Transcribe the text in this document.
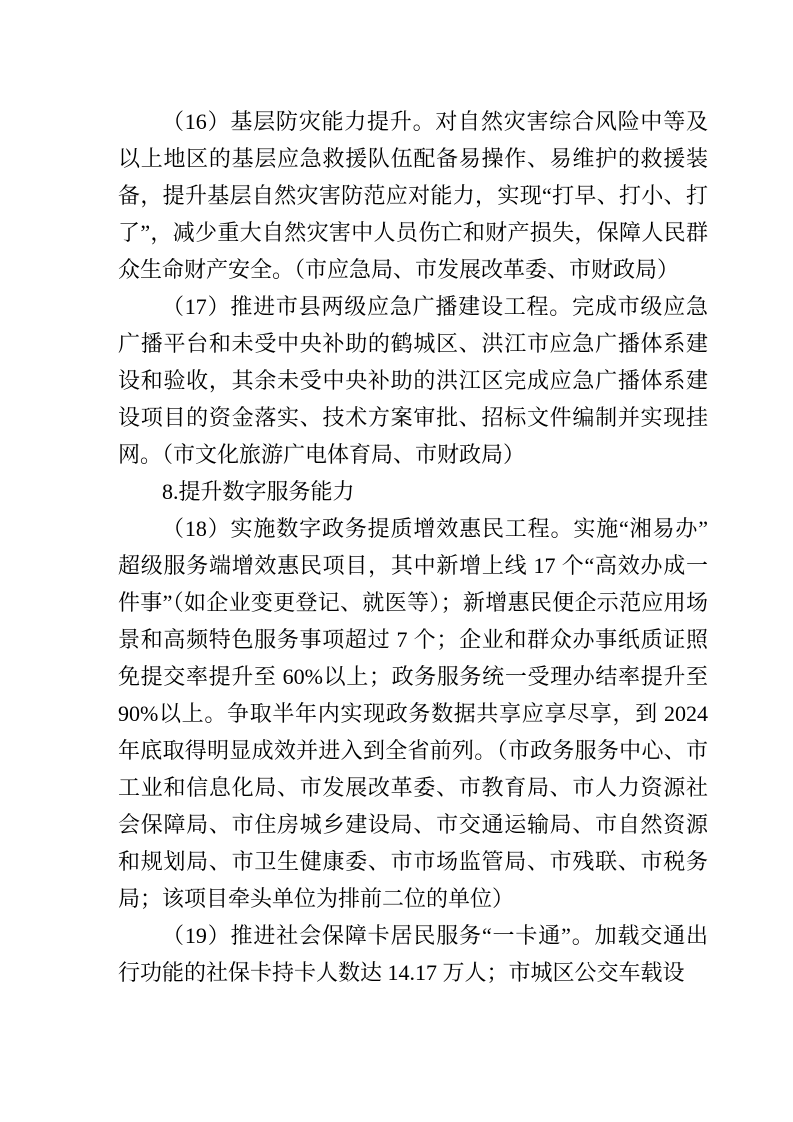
（16）基层防灾能力提升。对自然灾害综合风险中等及以上地区的基层应急救援队伍配备易操作、易维护的救援装备，提升基层自然灾害防范应对能力，实现“打早、打小、打了”，减少重大自然灾害中人员伤亡和财产损失，保障人民群众生命财产安全。（市应急局、市发展改革委、市财政局）

（17）推进市县两级应急广播建设工程。完成市级应急广播平台和未受中央补助的鹤城区、洪江市应急广播体系建设和验收，其余未受中央补助的洪江区完成应急广播体系建设项目的资金落实、技术方案审批、招标文件编制并实现挂网。（市文化旅游广电体育局、市财政局）

8.提升数字服务能力

（18）实施数字政务提质增效惠民工程。实施“湘易办”超级服务端增效惠民项目，其中新增上线 17 个“高效办成一件事”（如企业变更登记、就医等）；新增惠民便企示范应用场景和高频特色服务事项超过 7 个；企业和群众办事纸质证照免提交率提升至 60%以上；政务服务统一受理办结率提升至 90%以上。争取半年内实现政务数据共享应享尽享，到 2024 年底取得明显成效并进入到全省前列。（市政务服务中心、市工业和信息化局、市发展改革委、市教育局、市人力资源社会保障局、市住房城乡建设局、市交通运输局、市自然资源和规划局、市卫生健康委、市市场监管局、市残联、市税务局；该项目牵头单位为排前二位的单位）

（19）推进社会保障卡居民服务“一卡通”。加载交通出行功能的社保卡持卡人数达 14.17 万人；市城区公交车载设
